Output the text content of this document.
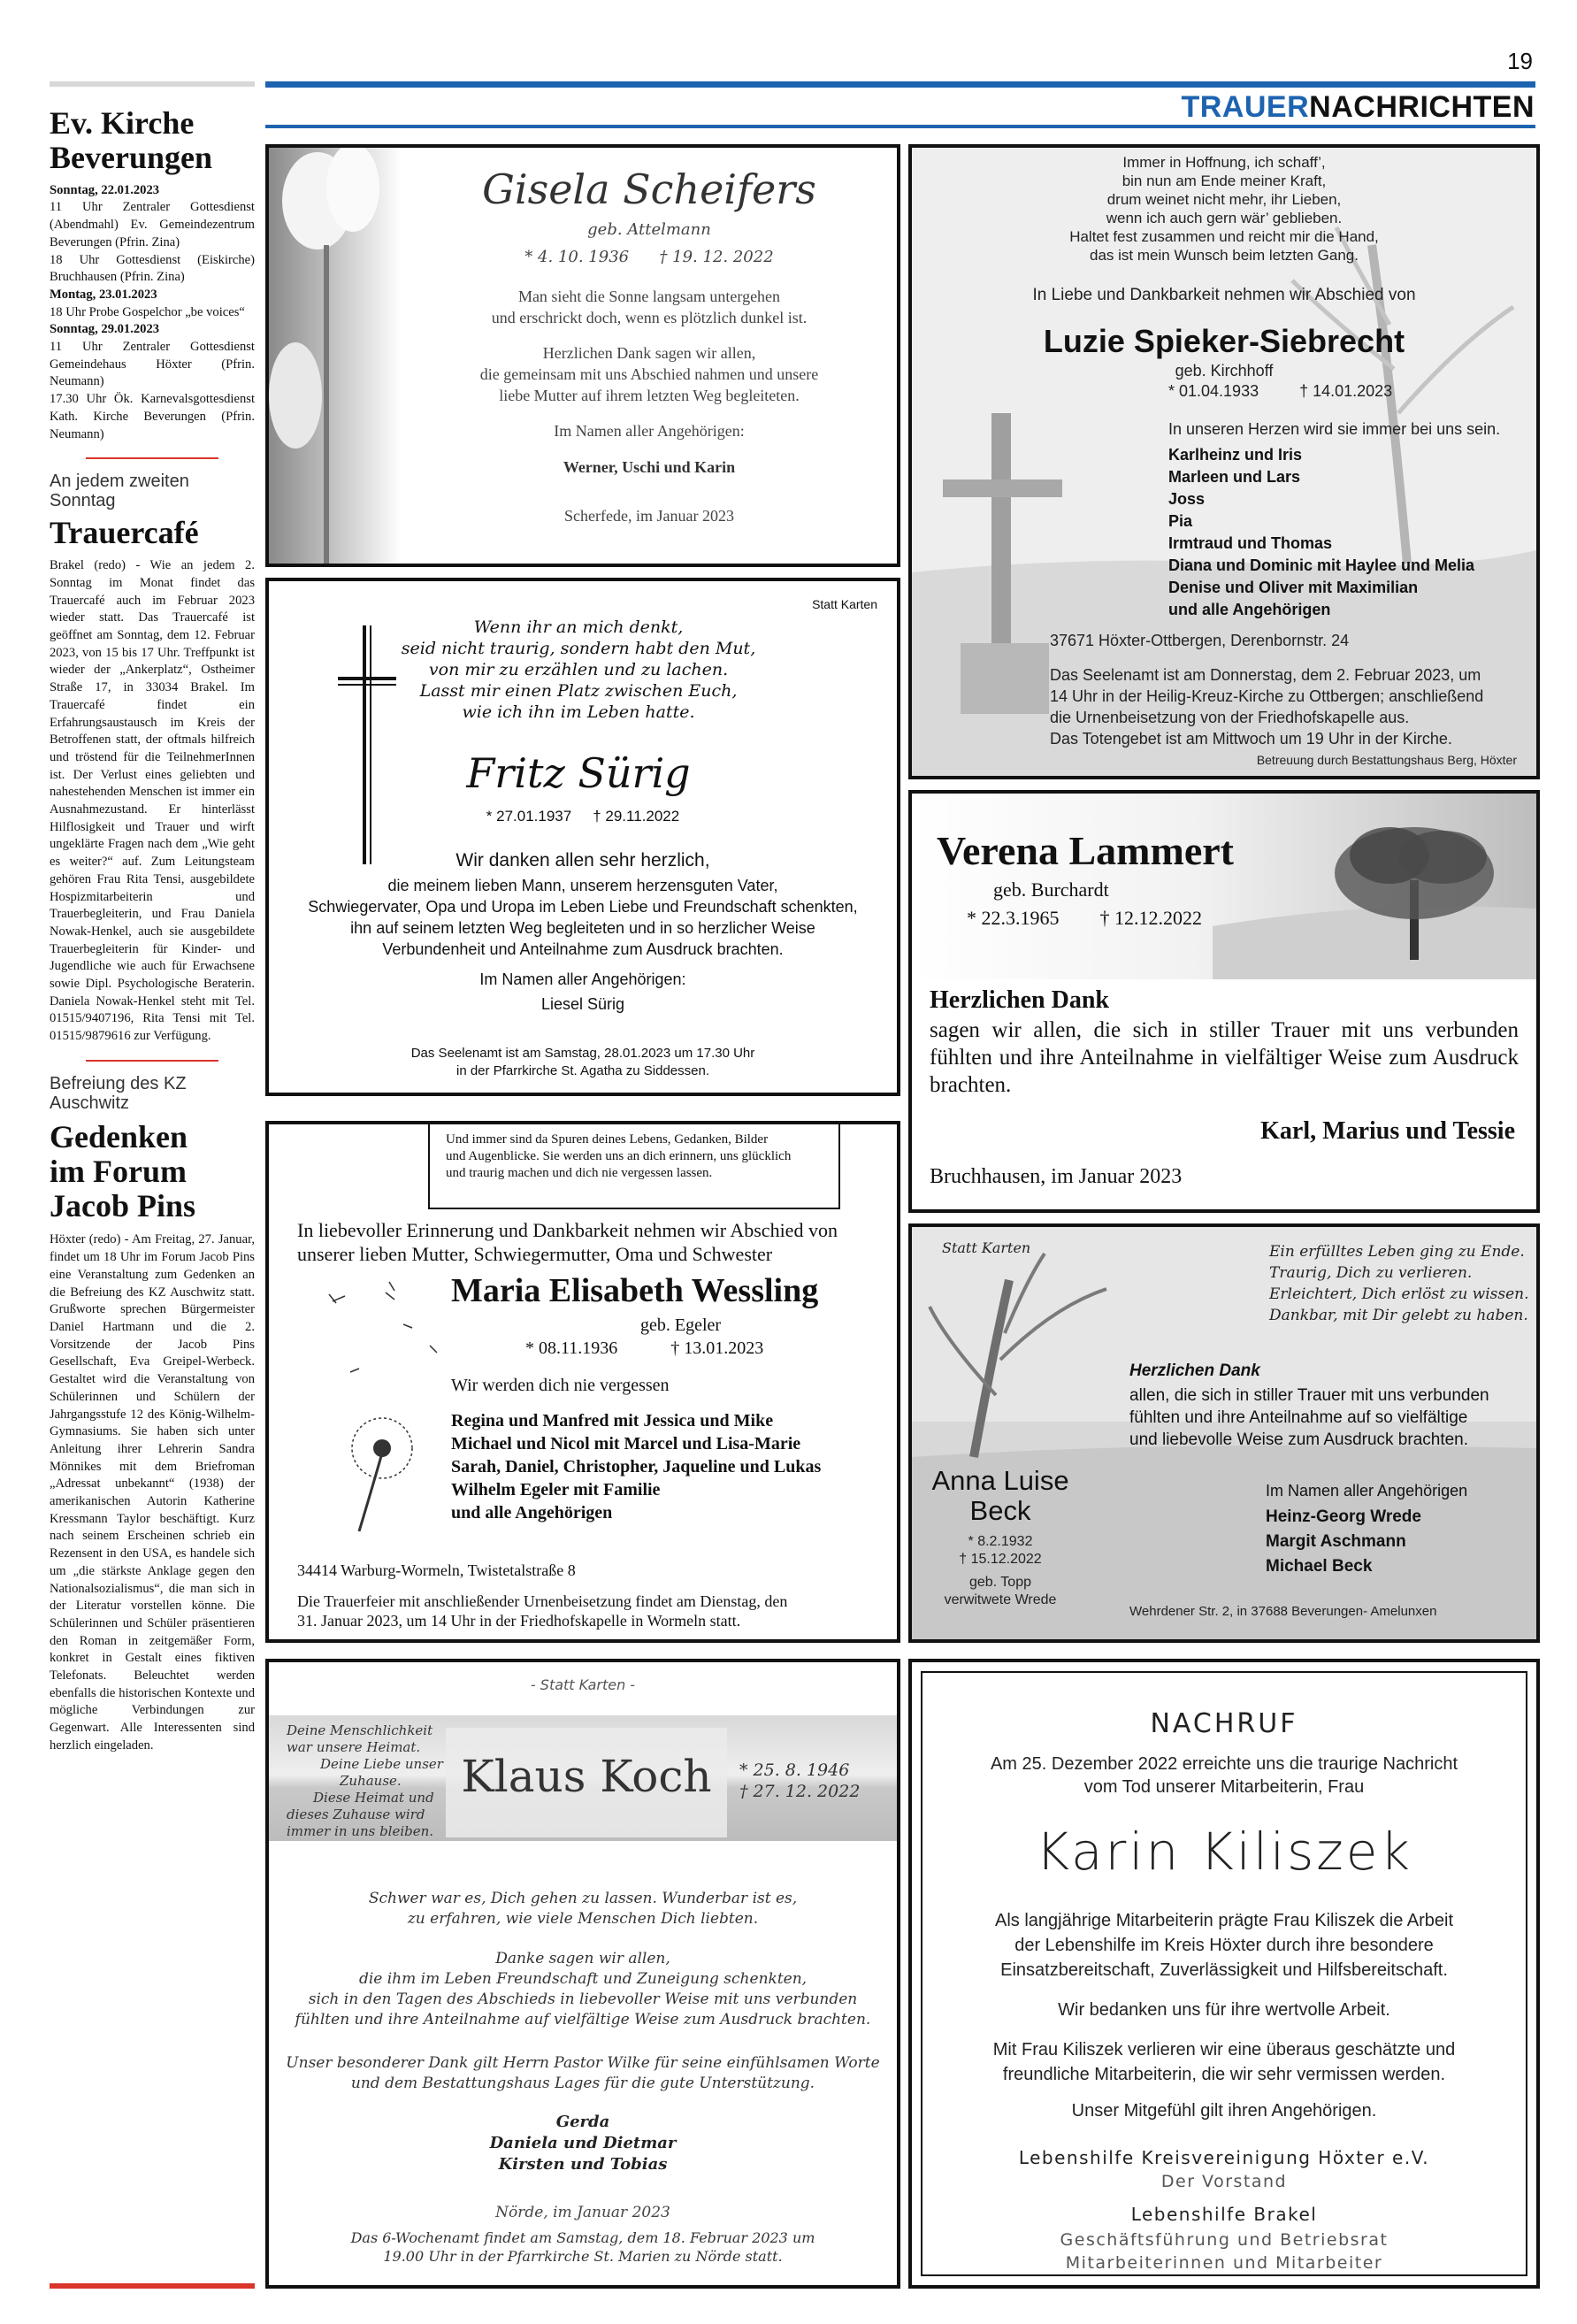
19
TRAUERNACHRICHTEN
Ev. Kirche
Beverungen
Sonntag, 22.01.2023
11 Uhr Zentraler Gottesdienst (Abendmahl) Ev. Gemeindezentrum Beverungen (Pfrin. Zina)
18 Uhr Gottesdienst (Eiskirche) Bruchhausen (Pfrin. Zina)
Montag, 23.01.2023
18 Uhr Probe Gospelchor „be voices“
Sonntag, 29.01.2023
11 Uhr Zentraler Gottesdienst Gemeindehaus Höxter (Pfrin. Neumann)
17.30 Uhr Ök. Karnevalsgottesdienst Kath. Kirche Beverungen (Pfrin. Neumann)
An jedem zweiten Sonntag
Trauercafé
Brakel (redo) - Wie an jedem 2. Sonntag im Monat findet das Trauercafé auch im Februar 2023 wieder statt. Das Trauercafé ist geöffnet am Sonntag, dem 12. Februar 2023, von 15 bis 17 Uhr. Treffpunkt ist wieder der „Ankerplatz“, Ostheimer Straße 17, in 33034 Brakel. Im Trauercafé findet ein Erfahrungsaustausch im Kreis der Betroffenen statt, der oftmals hilfreich und tröstend für die TeilnehmerInnen ist. Der Verlust eines geliebten und nahestehenden Menschen ist immer ein Ausnahmezustand. Er hinterlässt Hilflosigkeit und Trauer und wirft ungeklärte Fragen nach dem „Wie geht es weiter?“ auf. Zum Leitungsteam gehören Frau Rita Tensi, ausgebildete Hospizmitarbeiterin und Trauerbegleiterin, und Frau Daniela Nowak-Henkel, auch sie ausgebildete Trauerbegleiterin für Kinder- und Jugendliche wie auch für Erwachsene sowie Dipl. Psychologische Beraterin. Daniela Nowak-Henkel steht mit Tel. 01515/9407196, Rita Tensi mit Tel. 01515/9879616 zur Verfügung.
Befreiung des KZ Auschwitz
Gedenken
im Forum
Jacob Pins
Höxter (redo) - Am Freitag, 27. Januar, findet um 18 Uhr im Forum Jacob Pins eine Veranstaltung zum Gedenken an die Befreiung des KZ Auschwitz statt. Grußworte sprechen Bürgermeister Daniel Hartmann und die 2. Vorsitzende der Jacob Pins Gesellschaft, Eva Greipel-Werbeck. Gestaltet wird die Veranstaltung von Schülerinnen und Schülern der Jahrgangsstufe 12 des König-Wilhelm-Gymnasiums. Sie haben sich unter Anleitung ihrer Lehrerin Sandra Mönnikes mit dem Briefroman „Adressat unbekannt“ (1938) der amerikanischen Autorin Katherine Kressmann Taylor beschäftigt. Kurz nach seinem Erscheinen schrieb ein Rezensent in den USA, es handele sich um „die stärkste Anklage gegen den Nationalsozialismus“, die man sich in der Literatur vorstellen könne. Die Schülerinnen und Schüler präsentieren den Roman in zeitgemäßer Form, konkret in Gestalt eines fiktiven Telefonats. Beleuchtet werden ebenfalls die historischen Kontexte und mögliche Verbindungen zur Gegenwart. Alle Interessenten sind herzlich eingeladen.
Gisela Scheifers
geb. Attelmann
* 4. 10. 1936      † 19. 12. 2022
Man sieht die Sonne langsam untergehen
und erschrickt doch, wenn es plötzlich dunkel ist.
Herzlichen Dank sagen wir allen,
die gemeinsam mit uns Abschied nahmen und unsere
liebe Mutter auf ihrem letzten Weg begleiteten.
Im Namen aller Angehörigen:
Werner, Uschi und Karin
Scherfede, im Januar 2023
Immer in Hoffnung, ich schaff’,
bin nun am Ende meiner Kraft,
drum weinet nicht mehr, ihr Lieben,
wenn ich auch gern wär’ geblieben.
Haltet fest zusammen und reicht mir die Hand,
das ist mein Wunsch beim letzten Gang.
In Liebe und Dankbarkeit nehmen wir Abschied von
Luzie Spieker-Siebrecht
geb. Kirchhoff
* 01.04.1933	† 14.01.2023
In unseren Herzen wird sie immer bei uns sein.
Karlheinz und Iris
Marleen und Lars
Joss
Pia
Irmtraud und Thomas
Diana und Dominic mit Haylee und Melia
Denise und Oliver mit Maximilian
und alle Angehörigen
37671 Höxter-Ottbergen, Derenbornstr. 24
Das Seelenamt ist am Donnerstag, dem 2. Februar 2023, um
14 Uhr in der Heilig-Kreuz-Kirche zu Ottbergen; anschließend
die Urnenbeisetzung von der Friedhofskapelle aus.
Das Totengebet ist am Mittwoch um 19 Uhr in der Kirche.
Betreuung durch Bestattungshaus Berg, Höxter
Statt Karten
Wenn ihr an mich denkt,
seid nicht traurig, sondern habt den Mut,
von mir zu erzählen und zu lachen.
Lasst mir einen Platz zwischen Euch,
wie ich ihn im Leben hatte.
Fritz Sürig
* 27.01.1937 † 29.11.2022
Wir danken allen sehr herzlich,
die meinem lieben Mann, unserem herzensguten Vater,
Schwiegervater, Opa und Uropa im Leben Liebe und Freundschaft schenkten,
ihn auf seinem letzten Weg begleiteten und in so herzlicher Weise
Verbundenheit und Anteilnahme zum Ausdruck brachten.
Im Namen aller Angehörigen:
Liesel Sürig
Das Seelenamt ist am Samstag, 28.01.2023 um 17.30 Uhr
in der Pfarrkirche St. Agatha zu Siddessen.
Verena Lammert
geb. Burchardt
* 22.3.1965 † 12.12.2022
Herzlichen Dank
sagen wir allen, die sich in stiller Trauer mit uns verbunden fühlten und ihre Anteilnahme in vielfältiger Weise zum Ausdruck brachten.
Karl, Marius und Tessie
Bruchhausen, im Januar 2023
Und immer sind da Spuren deines Lebens, Gedanken, Bilder
und Augenblicke. Sie werden uns an dich erinnern, uns glücklich
und traurig machen und dich nie vergessen lassen.
In liebevoller Erinnerung und Dankbarkeit nehmen wir Abschied von
unserer lieben Mutter, Schwiegermutter, Oma und Schwester
Maria Elisabeth Wessling
geb. Egeler
* 08.11.1936	† 13.01.2023
Wir werden dich nie vergessen
Regina und Manfred mit Jessica und Mike
Michael und Nicol mit Marcel und Lisa-Marie
Sarah, Daniel, Christopher, Jaqueline und Lukas
Wilhelm Egeler mit Familie
und alle Angehörigen
34414 Warburg-Wormeln, Twistetalstraße 8
Die Trauerfeier mit anschließender Urnenbeisetzung findet am Dienstag, den
31. Januar 2023, um 14 Uhr in der Friedhofskapelle in Wormeln statt.
Statt Karten	Ein erfülltes Leben ging zu Ende.
Traurig, Dich zu verlieren.
Erleichtert, Dich erlöst zu wissen.
Dankbar, mit Dir gelebt zu haben.
Herzlichen Dank
allen, die sich in stiller Trauer mit uns verbunden
fühlten und ihre Anteilnahme auf so vielfältige
und liebevolle Weise zum Ausdruck brachten.
Anna Luise
Beck
* 8.2.1932
† 15.12.2022
geb. Topp
verwitwete Wrede
Im Namen aller Angehörigen
Heinz-Georg Wrede
Margit Aschmann
Michael Beck
Wehrdener Str. 2, in 37688 Beverungen- Amelunxen
- Statt Karten -
Deine Menschlichkeit
war unsere Heimat.
Deine Liebe unser
Zuhause.
Diese Heimat und
dieses Zuhause wird
immer in uns bleiben.
Klaus Koch	* 25. 8. 1946
† 27. 12. 2022
Schwer war es, Dich gehen zu lassen. Wunderbar ist es,
zu erfahren, wie viele Menschen Dich liebten.
Danke sagen wir allen,
die ihm im Leben Freundschaft und Zuneigung schenkten,
sich in den Tagen des Abschieds in liebevoller Weise mit uns verbunden
fühlten und ihre Anteilnahme auf vielfältige Weise zum Ausdruck brachten.
Unser besonderer Dank gilt Herrn Pastor Wilke für seine einfühlsamen Worte
und dem Bestattungshaus Lages für die gute Unterstützung.
Gerda
Daniela und Dietmar
Kirsten und Tobias
Nörde, im Januar 2023
Das 6-Wochenamt findet am Samstag, dem 18. Februar 2023 um
19.00 Uhr in der Pfarrkirche St. Marien zu Nörde statt.
NACHRUF
Am 25. Dezember 2022 erreichte uns die traurige Nachricht
vom Tod unserer Mitarbeiterin, Frau
Karin Kiliszek
Als langjährige Mitarbeiterin prägte Frau Kiliszek die Arbeit
der Lebenshilfe im Kreis Höxter durch ihre besondere
Einsatzbereitschaft, Zuverlässigkeit und Hilfsbereitschaft.
Wir bedanken uns für ihre wertvolle Arbeit.
Mit Frau Kiliszek verlieren wir eine überaus geschätzte und
freundliche Mitarbeiterin, die wir sehr vermissen werden.
Unser Mitgefühl gilt ihren Angehörigen.
Lebenshilfe Kreisvereinigung Höxter e.V.
Der Vorstand
Lebenshilfe Brakel
Geschäftsführung und Betriebsrat
Mitarbeiterinnen und Mitarbeiter
